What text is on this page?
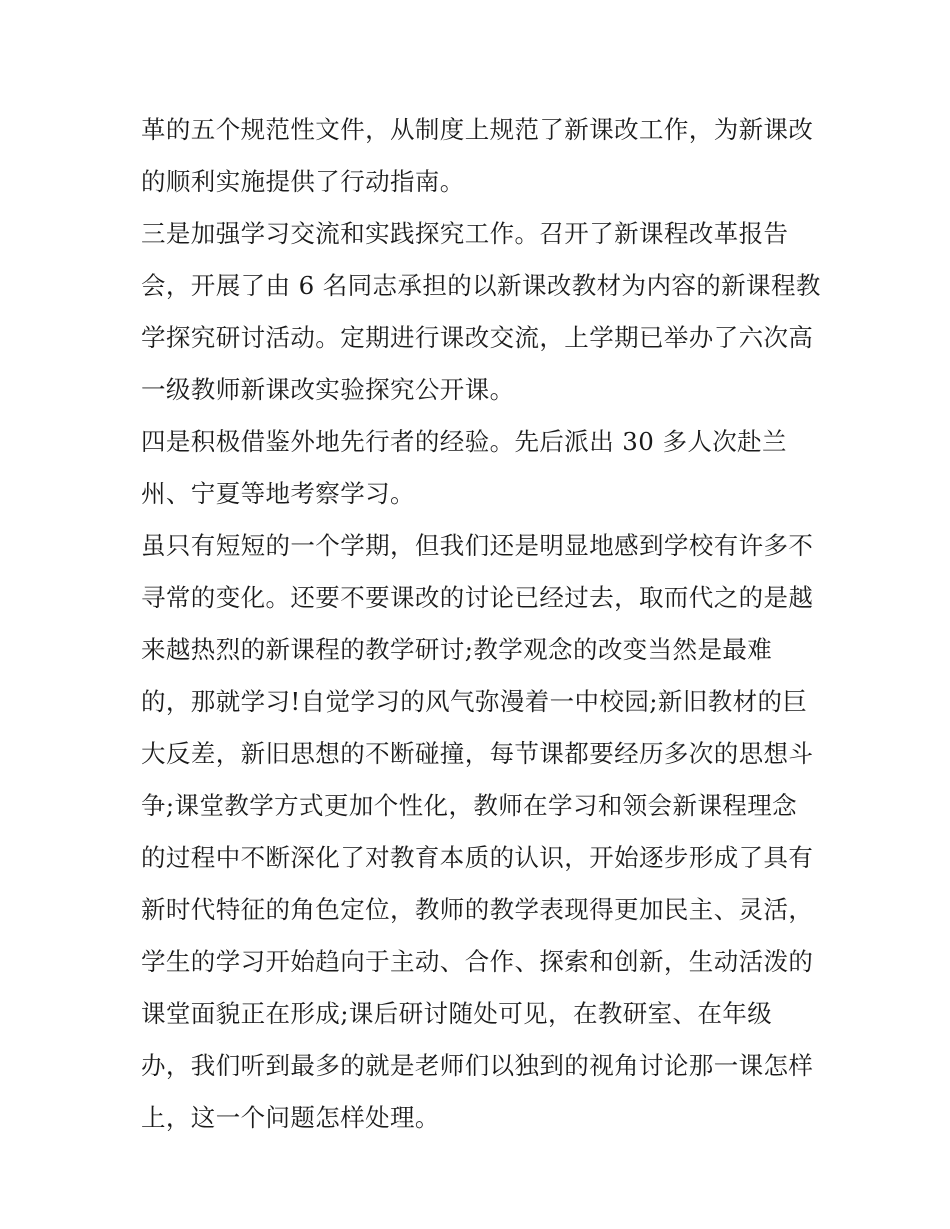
革的五个规范性文件，从制度上规范了新课改工作，为新课改
的顺利实施提供了行动指南。
三是加强学习交流和实践探究工作。召开了新课程改革报告
会，开展了由 6 名同志承担的以新课改教材为内容的新课程教
学探究研讨活动。定期进行课改交流，上学期已举办了六次高
一级教师新课改实验探究公开课。
四是积极借鉴外地先行者的经验。先后派出 30 多人次赴兰
州、宁夏等地考察学习。
虽只有短短的一个学期，但我们还是明显地感到学校有许多不
寻常的变化。还要不要课改的讨论已经过去，取而代之的是越
来越热烈的新课程的教学研讨;教学观念的改变当然是最难
的，那就学习!自觉学习的风气弥漫着一中校园;新旧教材的巨
大反差，新旧思想的不断碰撞，每节课都要经历多次的思想斗
争;课堂教学方式更加个性化，教师在学习和领会新课程理念
的过程中不断深化了对教育本质的认识，开始逐步形成了具有
新时代特征的角色定位，教师的教学表现得更加民主、灵活，
学生的学习开始趋向于主动、合作、探索和创新，生动活泼的
课堂面貌正在形成;课后研讨随处可见，在教研室、在年级
办，我们听到最多的就是老师们以独到的视角讨论那一课怎样
上，这一个问题怎样处理。
